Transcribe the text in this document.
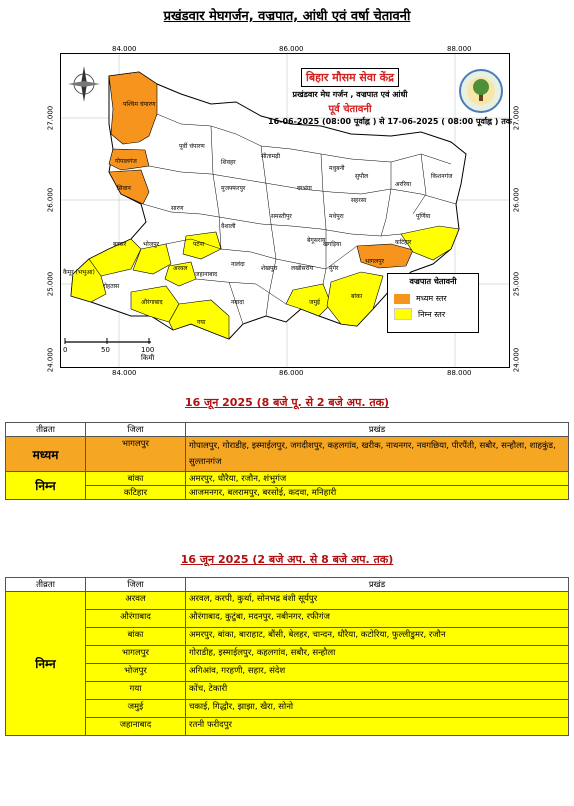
प्रखंडवार मेघगर्जन, वज्रपात, आंधी एवं वर्षा चेतावनी
84.000	86.000	88.000
84.000	86.000	88.000
27.000
26.000
25.000
24.000
27.000
26.000
25.000
24.000
बिहार मौसम सेवा केंद्र
प्रखंडवार मेघ गर्जन , वज्रपात एवं आंधी
पूर्व चेतावनी
16-06-2025 (08:00 पूर्वाह्न ) से 17-06-2025 ( 08:00 पूर्वाह्न ) तक
पश्चिम चंपारण
पूर्वी चंपारण
गोपालगंज
सिवान
शिवहर
सीतामढ़ी
मधुबनी
सुपौल
अररिया
किशनगंज
मुजफ्फरपुर	दरभंगा
सहरसा
पूर्णिया
कटिहार
सारण
वैशाली
समस्तीपुर	मधेपुरा
बक्सर	भोजपुर	पटना
बेगूसराय
खगड़िया
भागलपुर
कैमूर (भभुआ)
रोहतास
अरवल
जहानाबाद
नालंदा
शेखपुरा लखीसराय	मुंगेर
बांका
औरंगाबाद
गया
नवादा	जमुई
वज्रपात चेतावनी
मध्यम स्तर
निम्न स्तर
0	50	100 किमी
16 जून 2025 (8 बजे पू. से 2 बजे अप. तक)
तीव्रता	जिला	प्रखंड
मध्यम	भागलपुर	गोपालपुर, गोराडीह, इस्माईलपुर, जगदीशपुर, कहलगांव, खरीक, नाथनगर, नवगछिया, पीरपैंती, सबौर, सन्हौला, शाहकुंड, सुल्तानगंज
निम्न	बांका	अमरपुर, धौरैया, रजौन, शंभुगंज
	कटिहार	आजमनगर, बलरामपुर, बरसोई, कदवा, मनिहारी
16 जून 2025 (2 बजे अप. से 8 बजे अप. तक)
तीव्रता	जिला	प्रखंड
निम्न	अरवल	अरवल, करपी, कुर्था, सोनभद्र बंशी सूर्यपुर
	औरंगाबाद	औरंगाबाद, कुटुंबा, मदनपुर, नबीनगर, रफीगंज
	बांका	अमरपुर, बांका, बाराहाट, बौंसी, बेलहर, चान्दन, धौरैया, कटोरिया, फुल्लीडुमर, रजौन
	भागलपुर	गोराडीह, इस्माईलपुर, कहलगांव, सबौर, सन्हौला
	भोजपुर	अगिआंव, गरहणी, सहार, संदेश
	गया	कोंच, टेकारी
	जमुई	चकाई, गिद्धौर, झाझा, खैरा, सोनो
	जहानाबाद	रतनी फरीदपुर
